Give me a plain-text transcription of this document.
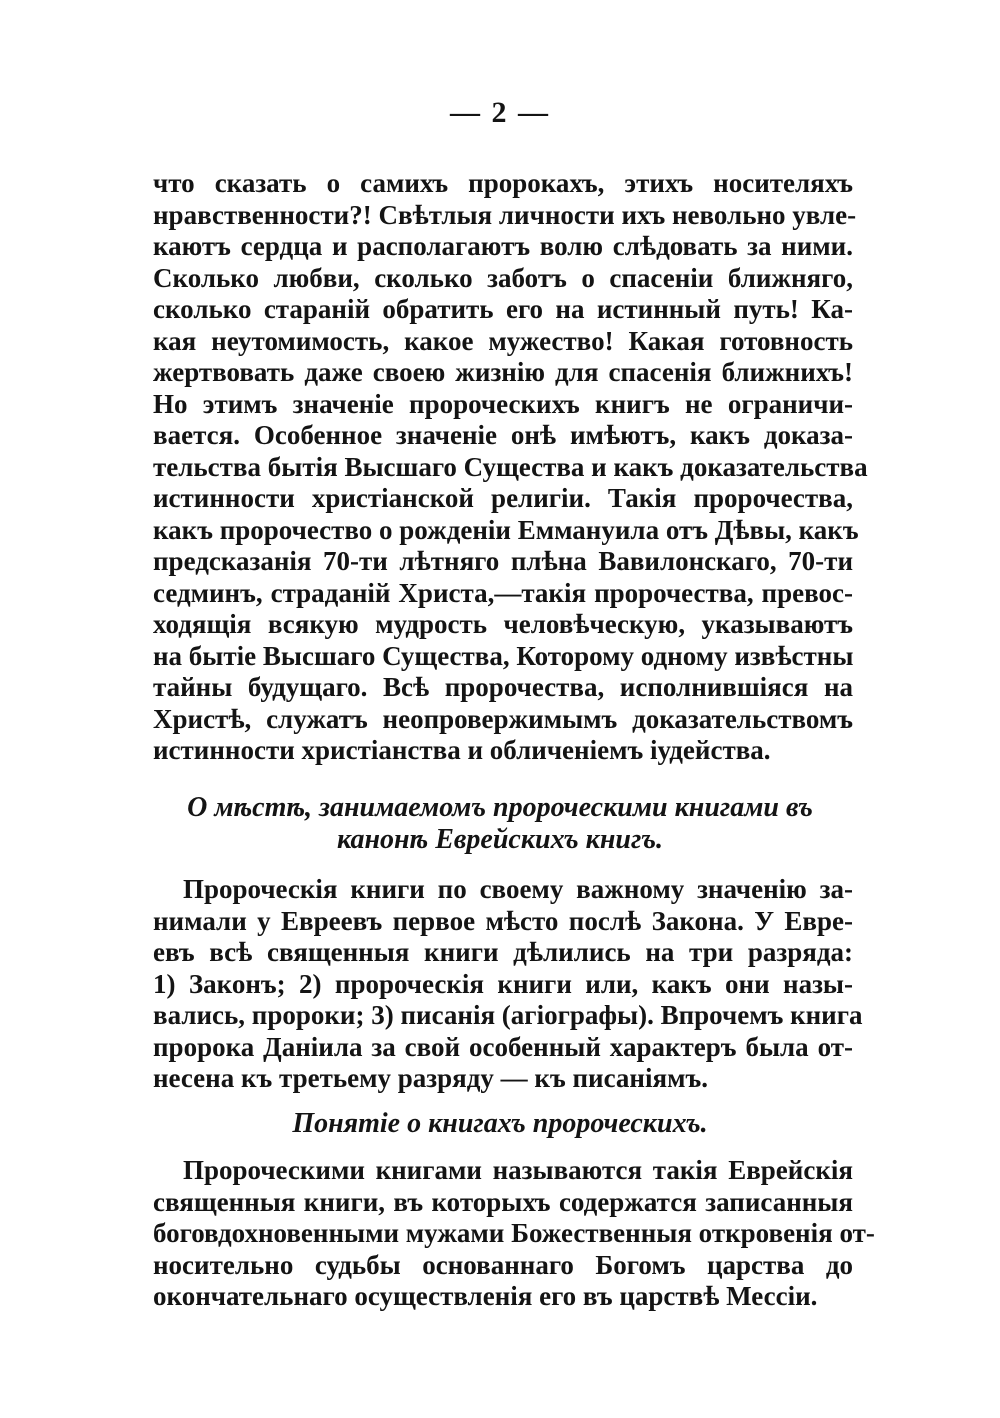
— 2 —
что сказать о самихъ пророкахъ, этихъ носителяхъ
нравственности?! Свѣтлыя личности ихъ невольно увле-
каютъ сердца и располагаютъ волю слѣдовать за ними.
Сколько любви, сколько заботъ о спасеніи ближняго,
сколько стараній обратить его на истинный путь! Ка-
кая неутомимость, какое мужество! Какая готовность
жертвовать даже своею жизнію для спасенія ближнихъ!
Но этимъ значеніе пророческихъ книгъ не ограничи-
вается. Особенное значеніе онѣ имѣютъ, какъ доказа-
тельства бытія Высшаго Существа и какъ доказательства
истинности христіанской религіи. Такія пророчества,
какъ пророчество о рожденіи Еммануила отъ Дѣвы, какъ
предсказанія 70-ти лѣтняго плѣна Вавилонскаго, 70-ти
седминъ, страданій Христа,—такія пророчества, превос-
ходящія всякую мудрость человѣческую, указываютъ
на бытіе Высшаго Существа, Которому одному извѣстны
тайны будущаго. Всѣ пророчества, исполнившіяся на
Христѣ, служатъ неопровержимымъ доказательствомъ
истинности христіанства и обличеніемъ іудейства.
О мѣстѣ, занимаемомъ пророческими книгами въ
канонѣ Еврейскихъ книгъ.
Пророческія книги по своему важному значенію за-
нимали у Евреевъ первое мѣсто послѣ Закона. У Евре-
евъ всѣ священныя книги дѣлились на три разряда:
1) Законъ; 2) пророческія книги или, какъ они назы-
вались, пророки; 3) писанія (агіографы). Впрочемъ книга
пророка Даніила за свой особенный характеръ была от-
несена къ третьему разряду — къ писаніямъ.
Понятіе о книгахъ пророческихъ.
Пророческими книгами называются такія Еврейскія
священныя книги, въ которыхъ содержатся записанныя
боговдохновенными мужами Божественныя откровенія от-
носительно судьбы основаннаго Богомъ царства до
окончательнаго осуществленія его въ царствѣ Мессіи.
